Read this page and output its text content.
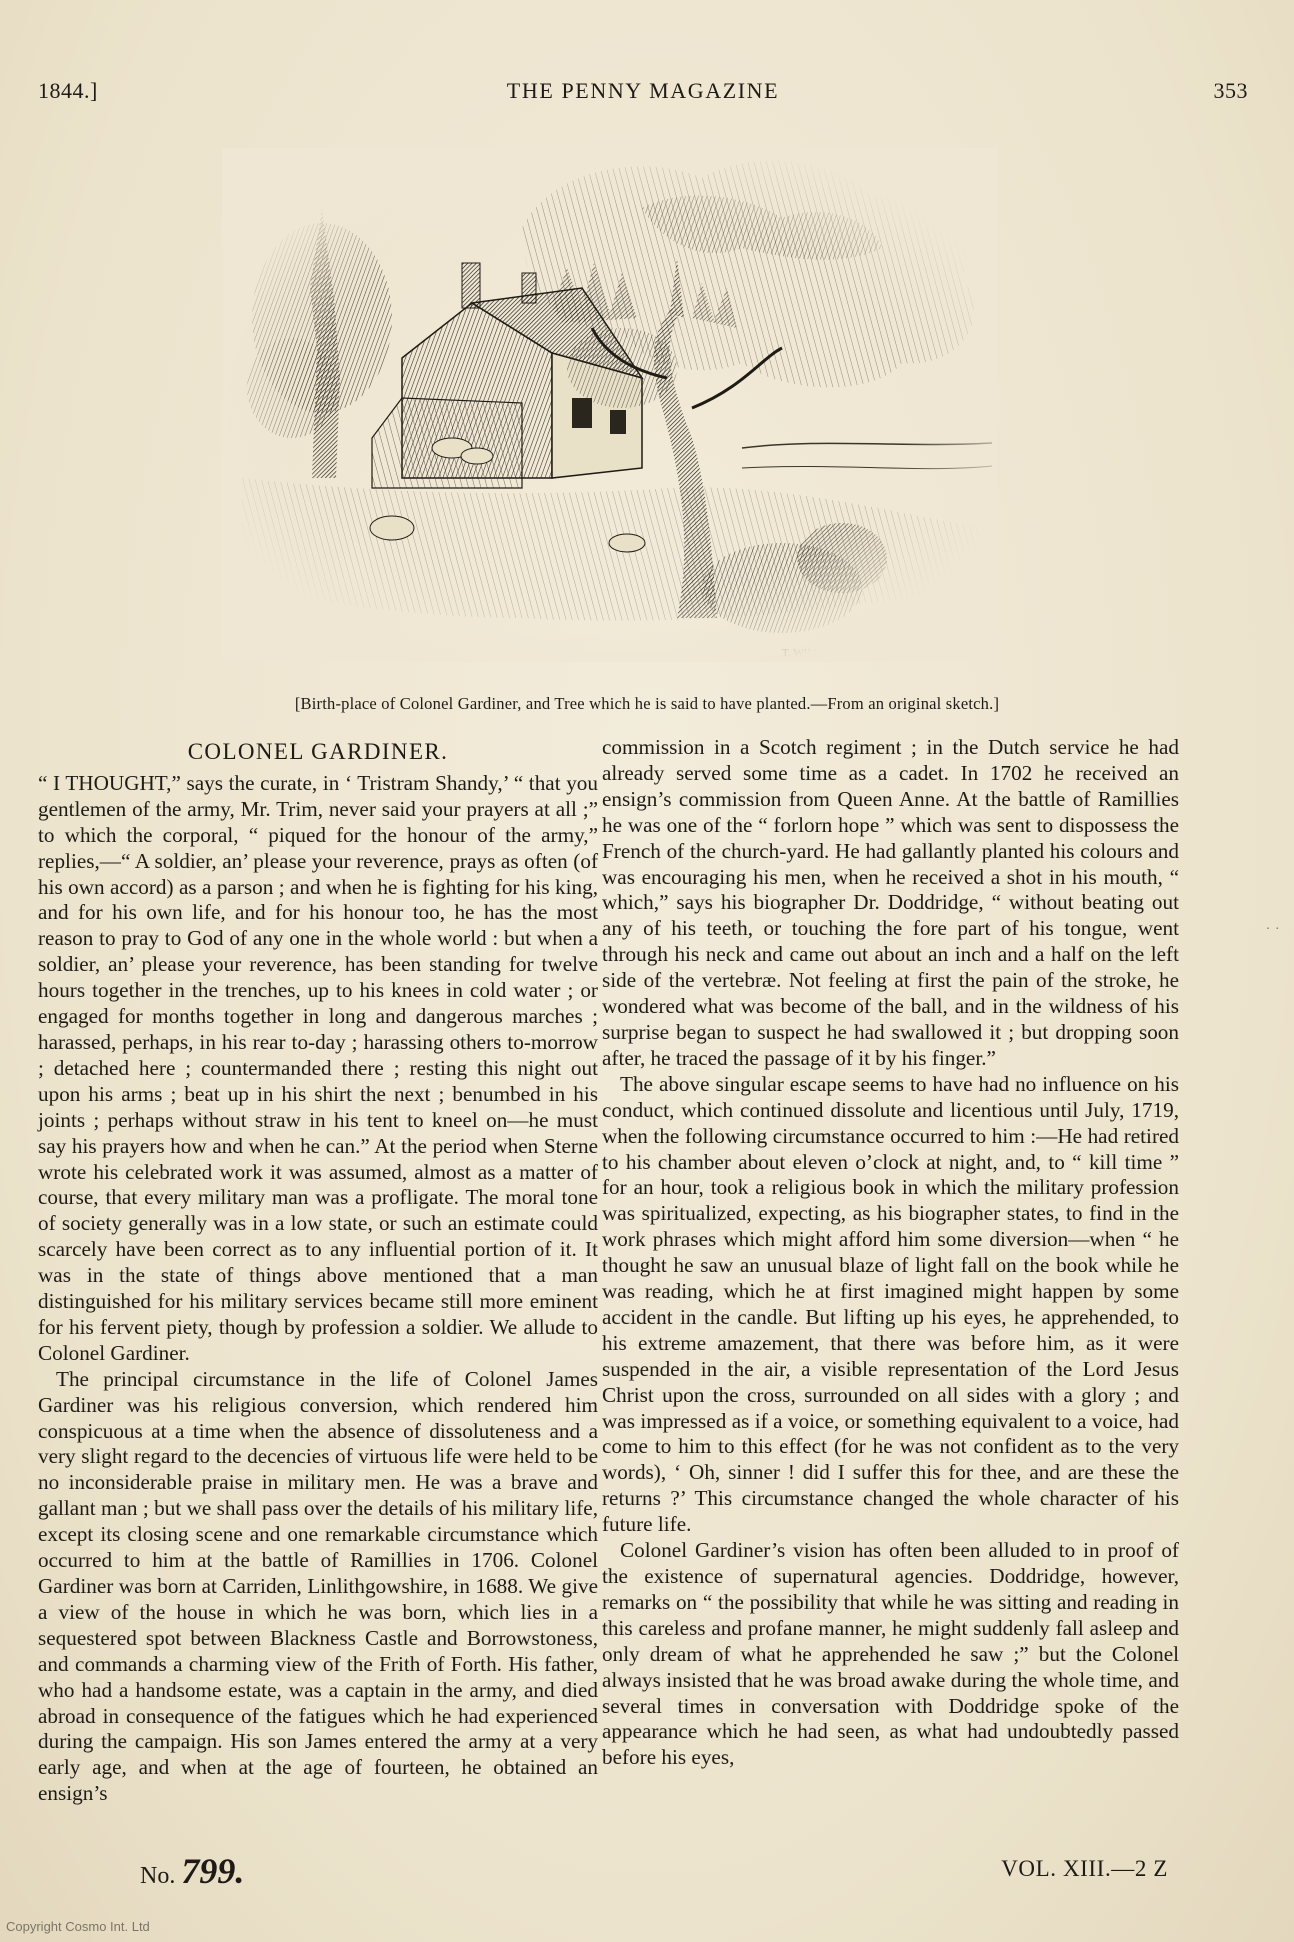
1844.]	THE PENNY MAGAZINE	353
[Birth-place of Colonel Gardiner, and Tree which he is said to have planted.—From an original sketch.]
COLONEL GARDINER.

“ I THOUGHT,” says the curate, in ‘ Tristram Shandy,’ “ that you gentlemen of the army, Mr. Trim, never said your prayers at all ;” to which the corporal, “ piqued for the honour of the army,” replies,—“ A soldier, an’ please your reverence, prays as often (of his own accord) as a parson ; and when he is fighting for his king, and for his own life, and for his honour too, he has the most reason to pray to God of any one in the whole world : but when a soldier, an’ please your reverence, has been standing for twelve hours together in the trenches, up to his knees in cold water ; or engaged for months together in long and dangerous marches ; harassed, perhaps, in his rear to-day ; harassing others to-morrow ; detached here ; countermanded there ; resting this night out upon his arms ; beat up in his shirt the next ; benumbed in his joints ; perhaps without straw in his tent to kneel on—he must say his prayers how and when he can.” At the period when Sterne wrote his celebrated work it was assumed, almost as a matter of course, that every military man was a profligate. The moral tone of society generally was in a low state, or such an estimate could scarcely have been correct as to any influential portion of it. It was in the state of things above mentioned that a man distinguished for his military services became still more eminent for his fervent piety, though by profession a soldier. We allude to Colonel Gardiner.

The principal circumstance in the life of Colonel James Gardiner was his religious conversion, which rendered him conspicuous at a time when the absence of dissoluteness and a very slight regard to the decencies of virtuous life were held to be no inconsiderable praise in military men. He was a brave and gallant man ; but we shall pass over the details of his military life, except its closing scene and one remarkable circumstance which occurred to him at the battle of Ramillies in 1706. Colonel Gardiner was born at Carriden, Linlithgowshire, in 1688. We give a view of the house in which he was born, which lies in a sequestered spot between Blackness Castle and Borrowstoness, and commands a charming view of the Frith of Forth. His father, who had a handsome estate, was a captain in the army, and died abroad in consequence of the fatigues which he had experienced during the campaign. His son James entered the army at a very early age, and when at the age of fourteen, he obtained an ensign’s

commission in a Scotch regiment ; in the Dutch service he had already served some time as a cadet. In 1702 he received an ensign’s commission from Queen Anne. At the battle of Ramillies he was one of the “ forlorn hope ” which was sent to dispossess the French of the church-yard. He had gallantly planted his colours and was encouraging his men, when he received a shot in his mouth, “ which,” says his biographer Dr. Doddridge, “ without beating out any of his teeth, or touching the fore part of his tongue, went through his neck and came out about an inch and a half on the left side of the vertebræ. Not feeling at first the pain of the stroke, he wondered what was become of the ball, and in the wildness of his surprise began to suspect he had swallowed it ; but dropping soon after, he traced the passage of it by his finger.”

The above singular escape seems to have had no influence on his conduct, which continued dissolute and licentious until July, 1719, when the following circumstance occurred to him :—He had retired to his chamber about eleven o’clock at night, and, to “ kill time ” for an hour, took a religious book in which the military profession was spiritualized, expecting, as his biographer states, to find in the work phrases which might afford him some diversion—when “ he thought he saw an unusual blaze of light fall on the book while he was reading, which he at first imagined might happen by some accident in the candle. But lifting up his eyes, he apprehended, to his extreme amazement, that there was before him, as it were suspended in the air, a visible representation of the Lord Jesus Christ upon the cross, surrounded on all sides with a glory ; and was impressed as if a voice, or something equivalent to a voice, had come to him to this effect (for he was not confident as to the very words), ‘ Oh, sinner ! did I suffer this for thee, and are these the returns ?’ This circumstance changed the whole character of his future life.

Colonel Gardiner’s vision has often been alluded to in proof of the existence of supernatural agencies. Doddridge, however, remarks on “ the possibility that while he was sitting and reading in this careless and profane manner, he might suddenly fall asleep and only dream of what he apprehended he saw ;” but the Colonel always insisted that he was broad awake during the whole time, and several times in conversation with Doddridge spoke of the appearance which he had seen, as what had undoubtedly passed before his eyes,

No. 799.	VOL. XIII.—2 Z
˙ ˙
Copyright Cosmo Int. Ltd
